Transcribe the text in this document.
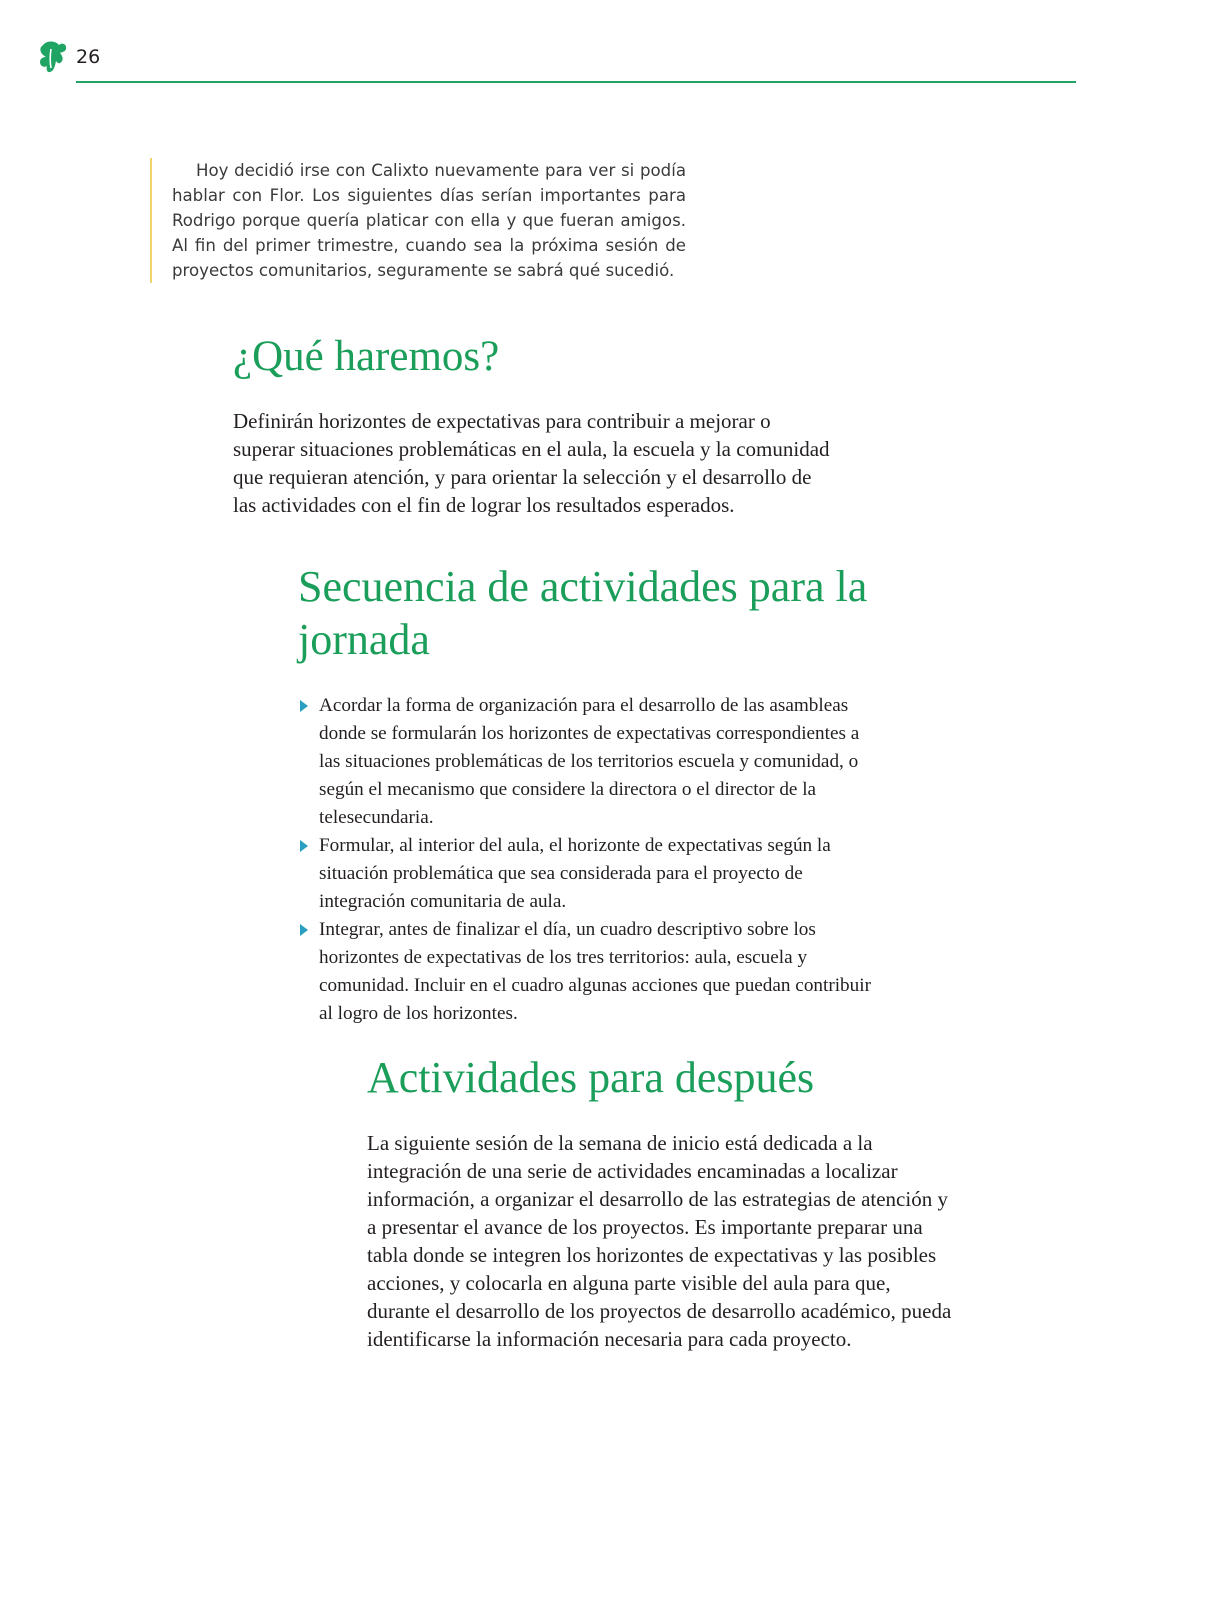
26

Hoy decidió irse con Calixto nuevamente para ver si podía hablar con Flor. Los siguientes días serían importantes para Rodrigo porque quería platicar con ella y que fueran amigos. Al fin del primer trimestre, cuando sea la próxima sesión de proyectos comunitarios, seguramente se sabrá qué sucedió.

¿Qué haremos?

Definirán horizontes de expectativas para contribuir a mejorar o superar situaciones problemáticas en el aula, la escuela y la comunidad que requieran atención, y para orientar la selección y el desarrollo de las actividades con el fin de lograr los resultados esperados.

Secuencia de actividades para la jornada
Acordar la forma de organización para el desarrollo de las asambleas donde se formularán los horizontes de expectativas correspondientes a las situaciones problemáticas de los territorios escuela y comunidad, o según el mecanismo que considere la directora o el director de la telesecundaria.
Formular, al interior del aula, el horizonte de expectativas según la situación problemática que sea considerada para el proyecto de integración comunitaria de aula.
Integrar, antes de finalizar el día, un cuadro descriptivo sobre los horizontes de expectativas de los tres territorios: aula, escuela y comunidad. Incluir en el cuadro algunas acciones que puedan contribuir al logro de los horizontes.
Actividades para después

La siguiente sesión de la semana de inicio está dedicada a la integración de una serie de actividades encaminadas a localizar información, a organizar el desarrollo de las estrategias de atención y a presentar el avance de los proyectos. Es importante preparar una tabla donde se integren los horizontes de expectativas y las posibles acciones, y colocarla en alguna parte visible del aula para que, durante el desarrollo de los proyectos de desarrollo académico, pueda identificarse la información necesaria para cada proyecto.
